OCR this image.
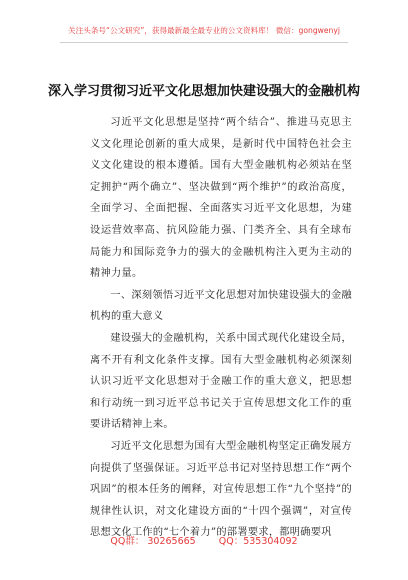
关注头条号“公文研究”，获得最新最全最专业的公文资料库！ 微信：gongwenyj
深入学习贯彻习近平文化思想加快建设强大的金融机构

习近平文化思想是坚持“两个结合”、推进马克思主义文化理论创新的重大成果，是新时代中国特色社会主义文化建设的根本遵循。国有大型金融机构必须站在坚定拥护“两个确立”、坚决做到“两个维护”的政治高度，全面学习、全面把握、全面落实习近平文化思想，为建设运营效率高、抗风险能力强、门类齐全、具有全球布局能力和国际竞争力的强大的金融机构注入更为主动的精神力量。

一、深刻领悟习近平文化思想对加快建设强大的金融机构的重大意义

建设强大的金融机构，关系中国式现代化建设全局，离不开有利文化条件支撑。国有大型金融机构必须深刻认识习近平文化思想对于金融工作的重大意义，把思想和行动统一到习近平总书记关于宣传思想文化工作的重要讲话精神上来。

习近平文化思想为国有大型金融机构坚定正确发展方向提供了坚强保证。习近平总书记对坚持思想工作“两个巩固”的根本任务的阐释，对宣传思想工作“九个坚持”的规律性认识，对文化建设方面的“十四个强调”，对宣传思想文化工作的“七个着力”的部署要求，都明确要巩

QQ群： 30265665 QQ：535304092
